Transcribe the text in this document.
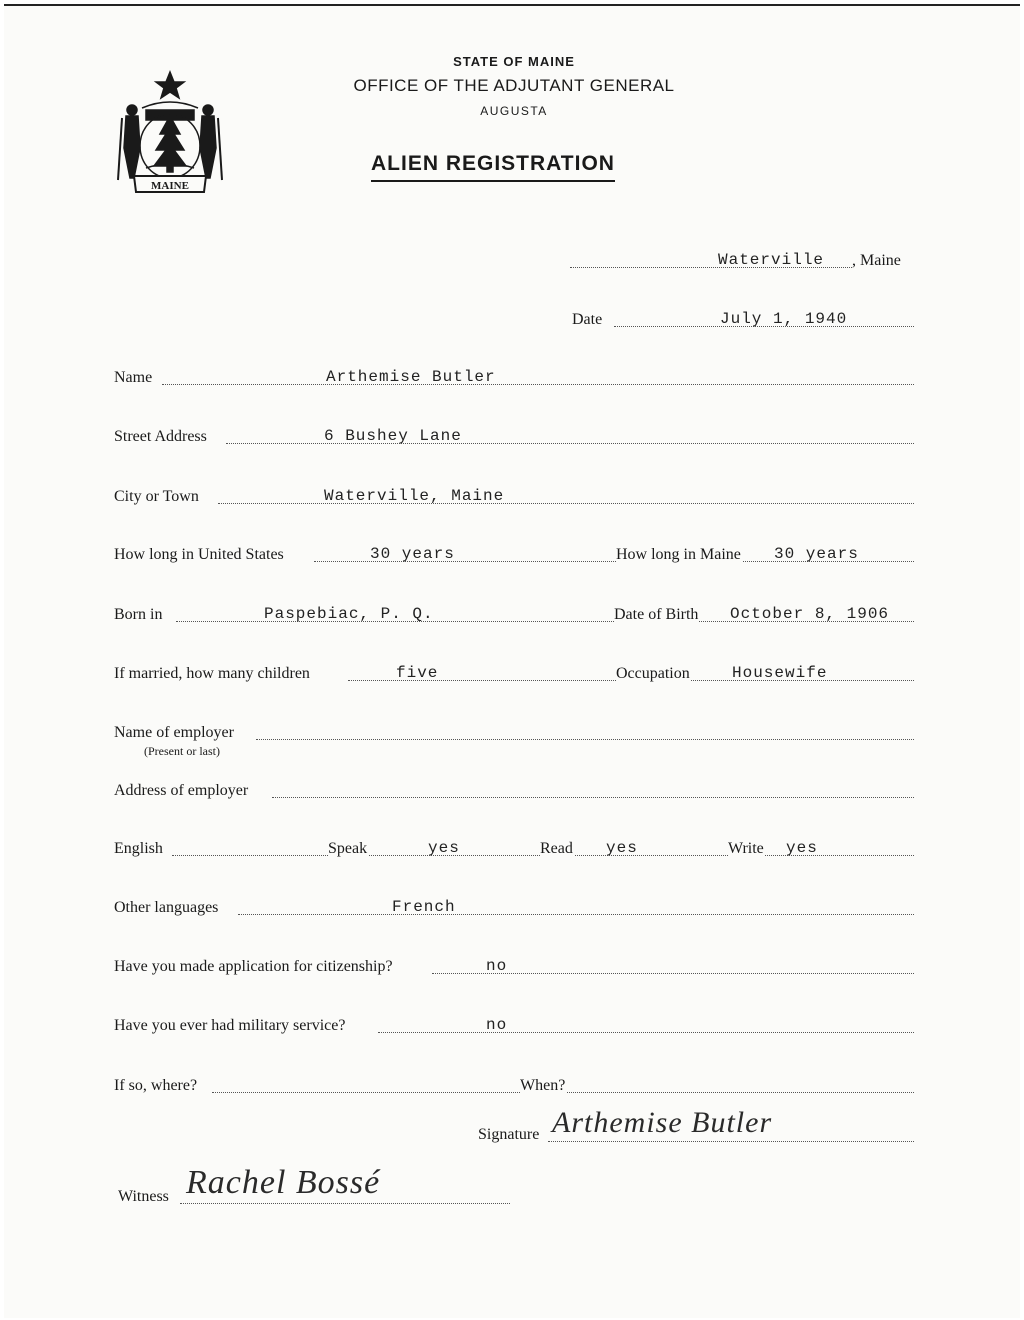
MAINE
STATE OF MAINE
OFFICE OF THE ADJUTANT GENERAL
AUGUSTA
ALIEN REGISTRATION
Waterville , Maine
Date	July 1, 1940
Name	Arthemise Butler
Street Address	6 Bushey Lane
City or Town	Waterville, Maine
How long in United States	30 years	How long in Maine 30 years
Born in	Paspebiac, P. Q.	Date of Birth October 8, 1906
If married, how many children	five	Occupation	Housewife
Name of employer
(Present or last)
Address of employer
English	Speak	yes	Read yes	Write yes
Other languages	French
Have you made application for citizenship?	no
Have you ever had military service?	no
If so, where?	When?
Signature Arthemise Butler
Witness Rachel Bossé
